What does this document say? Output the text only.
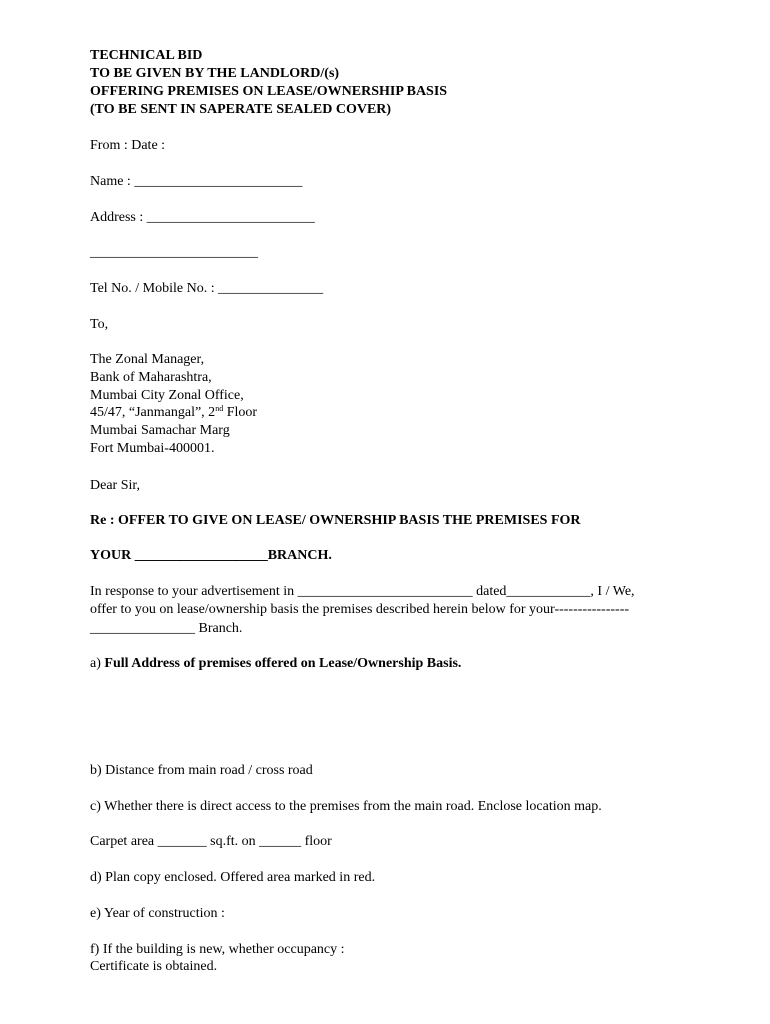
TECHNICAL BID
TO BE GIVEN BY THE LANDLORD/(s)
OFFERING PREMISES ON LEASE/OWNERSHIP BASIS
(TO BE SENT IN SAPERATE SEALED COVER)
From : Date :
Name : ________________________
Address : ________________________
________________________
Tel No. / Mobile No. : _______________
To,
The Zonal Manager,
Bank of Maharashtra,
Mumbai City Zonal Office,
45/47, “Janmangal”, 2nd Floor
Mumbai Samachar Marg
Fort Mumbai-400001.
Dear Sir,
Re : OFFER TO GIVE ON LEASE/ OWNERSHIP BASIS THE PREMISES FOR
YOUR ___________________BRANCH.
In response to your advertisement in _________________________ dated____________, I / We,
offer to you on lease/ownership basis the premises described herein below for your----------------
_______________ Branch.
a) Full Address of premises offered on Lease/Ownership Basis.
b) Distance from main road / cross road
c) Whether there is direct access to the premises from the main road. Enclose location map.
Carpet area _______ sq.ft. on ______ floor
d) Plan copy enclosed. Offered area marked in red.
e) Year of construction :
f) If the building is new, whether occupancy :
Certificate is obtained.
